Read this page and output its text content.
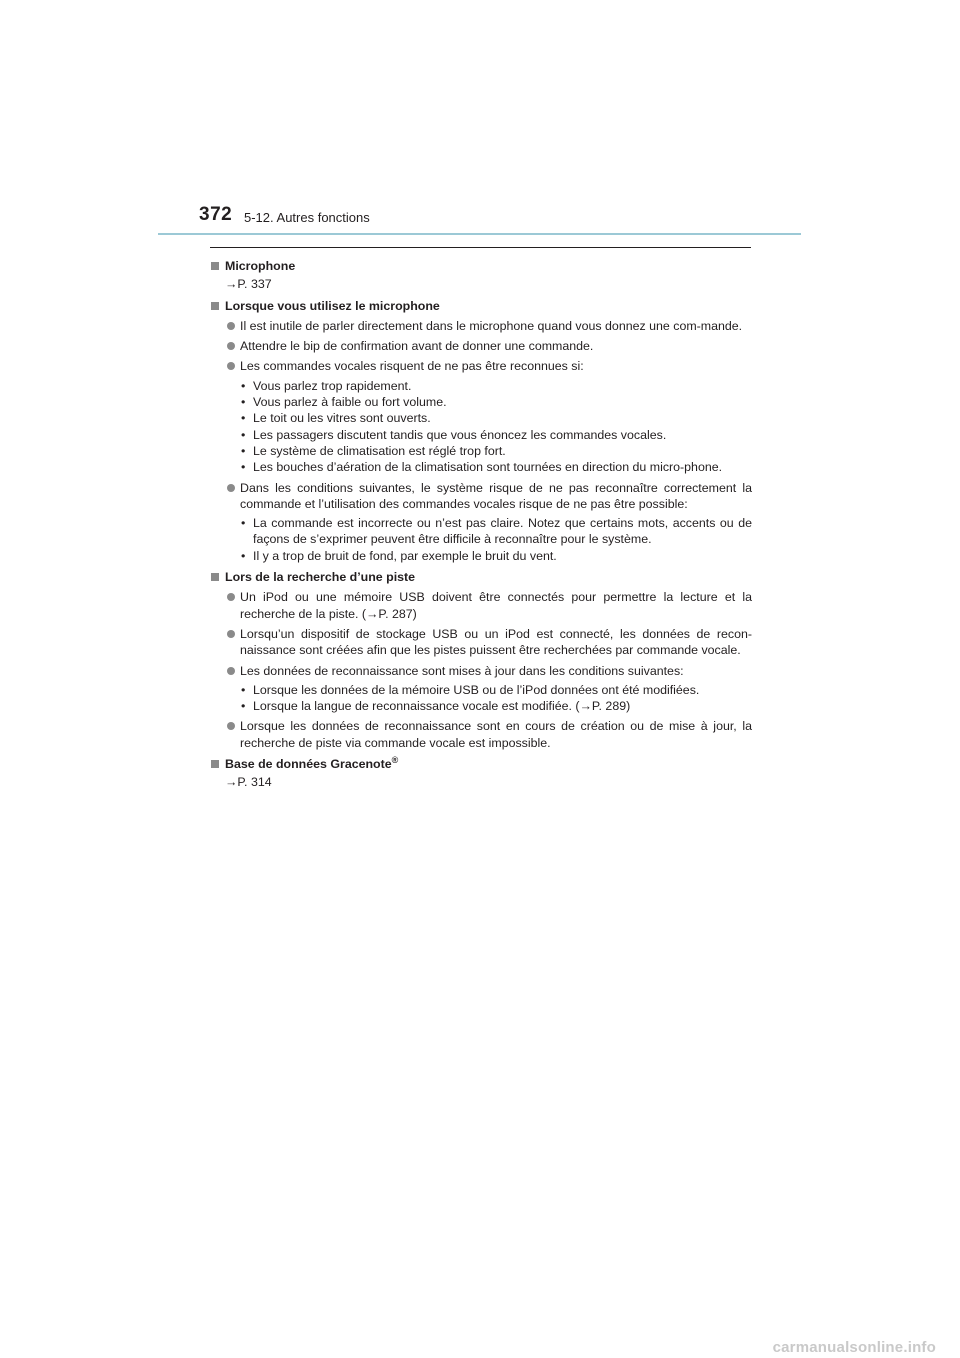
372 5-12. Autres fonctions
Microphone
→P. 337
Lorsque vous utilisez le microphone
Il est inutile de parler directement dans le microphone quand vous donnez une com-mande.
Attendre le bip de confirmation avant de donner une commande.
Les commandes vocales risquent de ne pas être reconnues si:
• Vous parlez trop rapidement.
• Vous parlez à faible ou fort volume.
• Le toit ou les vitres sont ouverts.
• Les passagers discutent tandis que vous énoncez les commandes vocales.
• Le système de climatisation est réglé trop fort.
• Les bouches d’aération de la climatisation sont tournées en direction du micro-phone.
Dans les conditions suivantes, le système risque de ne pas reconnaître correctement la commande et l’utilisation des commandes vocales risque de ne pas être possible:
• La commande est incorrecte ou n’est pas claire. Notez que certains mots, accents ou de façons de s’exprimer peuvent être difficile à reconnaître pour le système.
• Il y a trop de bruit de fond, par exemple le bruit du vent.
Lors de la recherche d’une piste
Un iPod ou une mémoire USB doivent être connectés pour permettre la lecture et la recherche de la piste. (→P. 287)
Lorsqu’un dispositif de stockage USB ou un iPod est connecté, les données de recon-naissance sont créées afin que les pistes puissent être recherchées par commande vocale.
Les données de reconnaissance sont mises à jour dans les conditions suivantes:
• Lorsque les données de la mémoire USB ou de l’iPod données ont été modifiées.
• Lorsque la langue de reconnaissance vocale est modifiée. (→P. 289)
Lorsque les données de reconnaissance sont en cours de création ou de mise à jour, la recherche de piste via commande vocale est impossible.
Base de données Gracenote®
→P. 314
carmanualsonline.info
